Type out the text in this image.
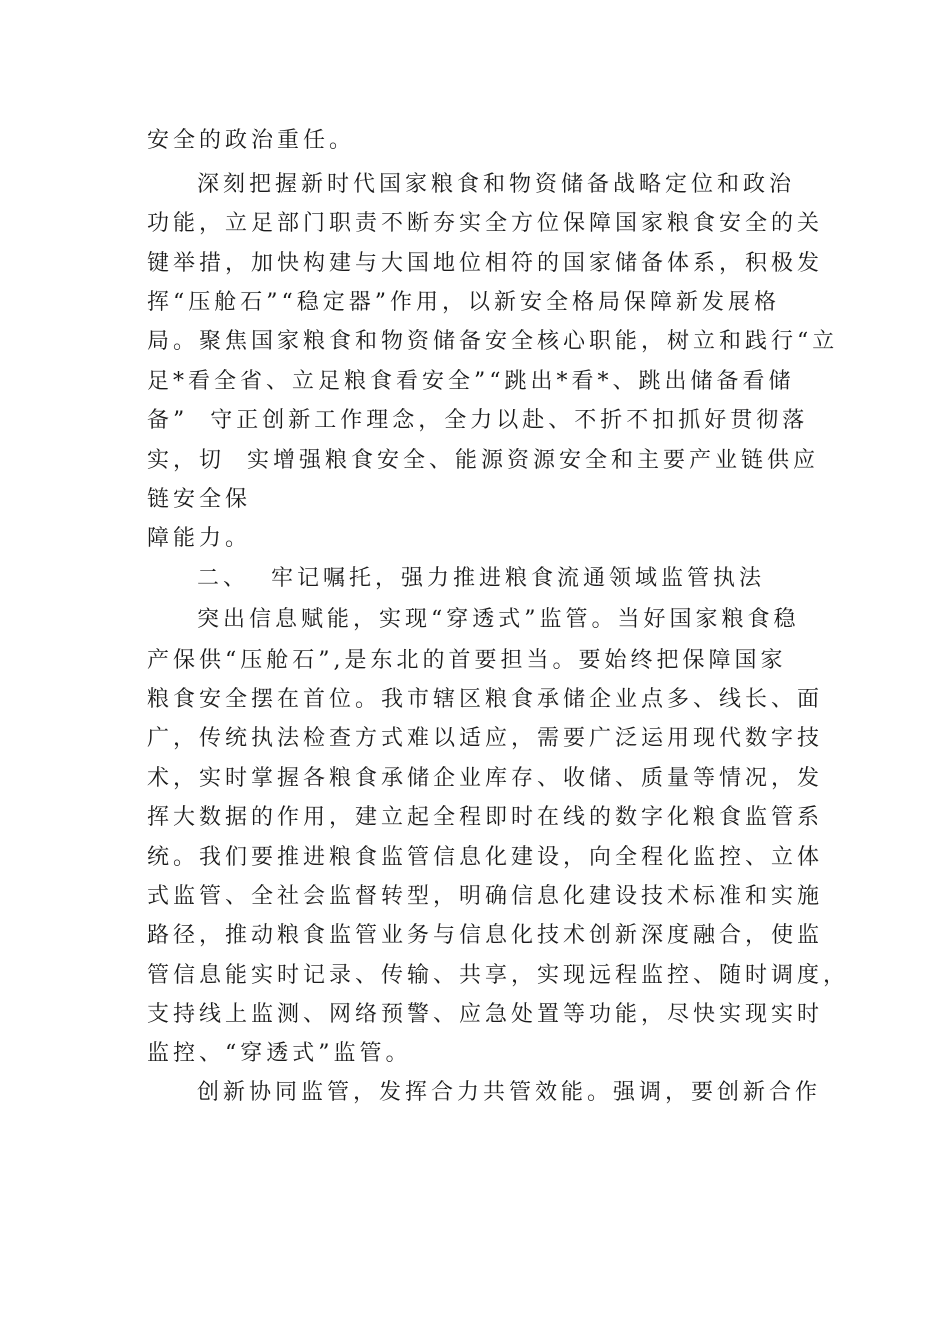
安全的政治重任。
深刻把握新时代国家粮食和物资储备战略定位和政治
功能，立足部门职责不断夯实全方位保障国家粮食安全的关
键举措，加快构建与大国地位相符的国家储备体系，积极发
挥“压舱石”“稳定器”作用，以新安全格局保障新发展格
局。聚焦国家粮食和物资储备安全核心职能，树立和践行“立
足*看全省、立足粮食看安全”“跳出*看*、跳出储备看储
备”  守正创新工作理念，全力以赴、不折不扣抓好贯彻落
实，切  实增强粮食安全、能源资源安全和主要产业链供应
链安全保
障能力。
二、  牢记嘱托，强力推进粮食流通领域监管执法
突出信息赋能，实现“穿透式”监管。当好国家粮食稳
产保供“压舱石”,是东北的首要担当。要始终把保障国家
粮食安全摆在首位。我市辖区粮食承储企业点多、线长、面
广，传统执法检查方式难以适应，需要广泛运用现代数字技
术，实时掌握各粮食承储企业库存、收储、质量等情况，发
挥大数据的作用，建立起全程即时在线的数字化粮食监管系
统。我们要推进粮食监管信息化建设，向全程化监控、立体
式监管、全社会监督转型，明确信息化建设技术标准和实施
路径，推动粮食监管业务与信息化技术创新深度融合，使监
管信息能实时记录、传输、共享，实现远程监控、随时调度，
支持线上监测、网络预警、应急处置等功能，尽快实现实时
监控、“穿透式”监管。
创新协同监管，发挥合力共管效能。强调，要创新合作
